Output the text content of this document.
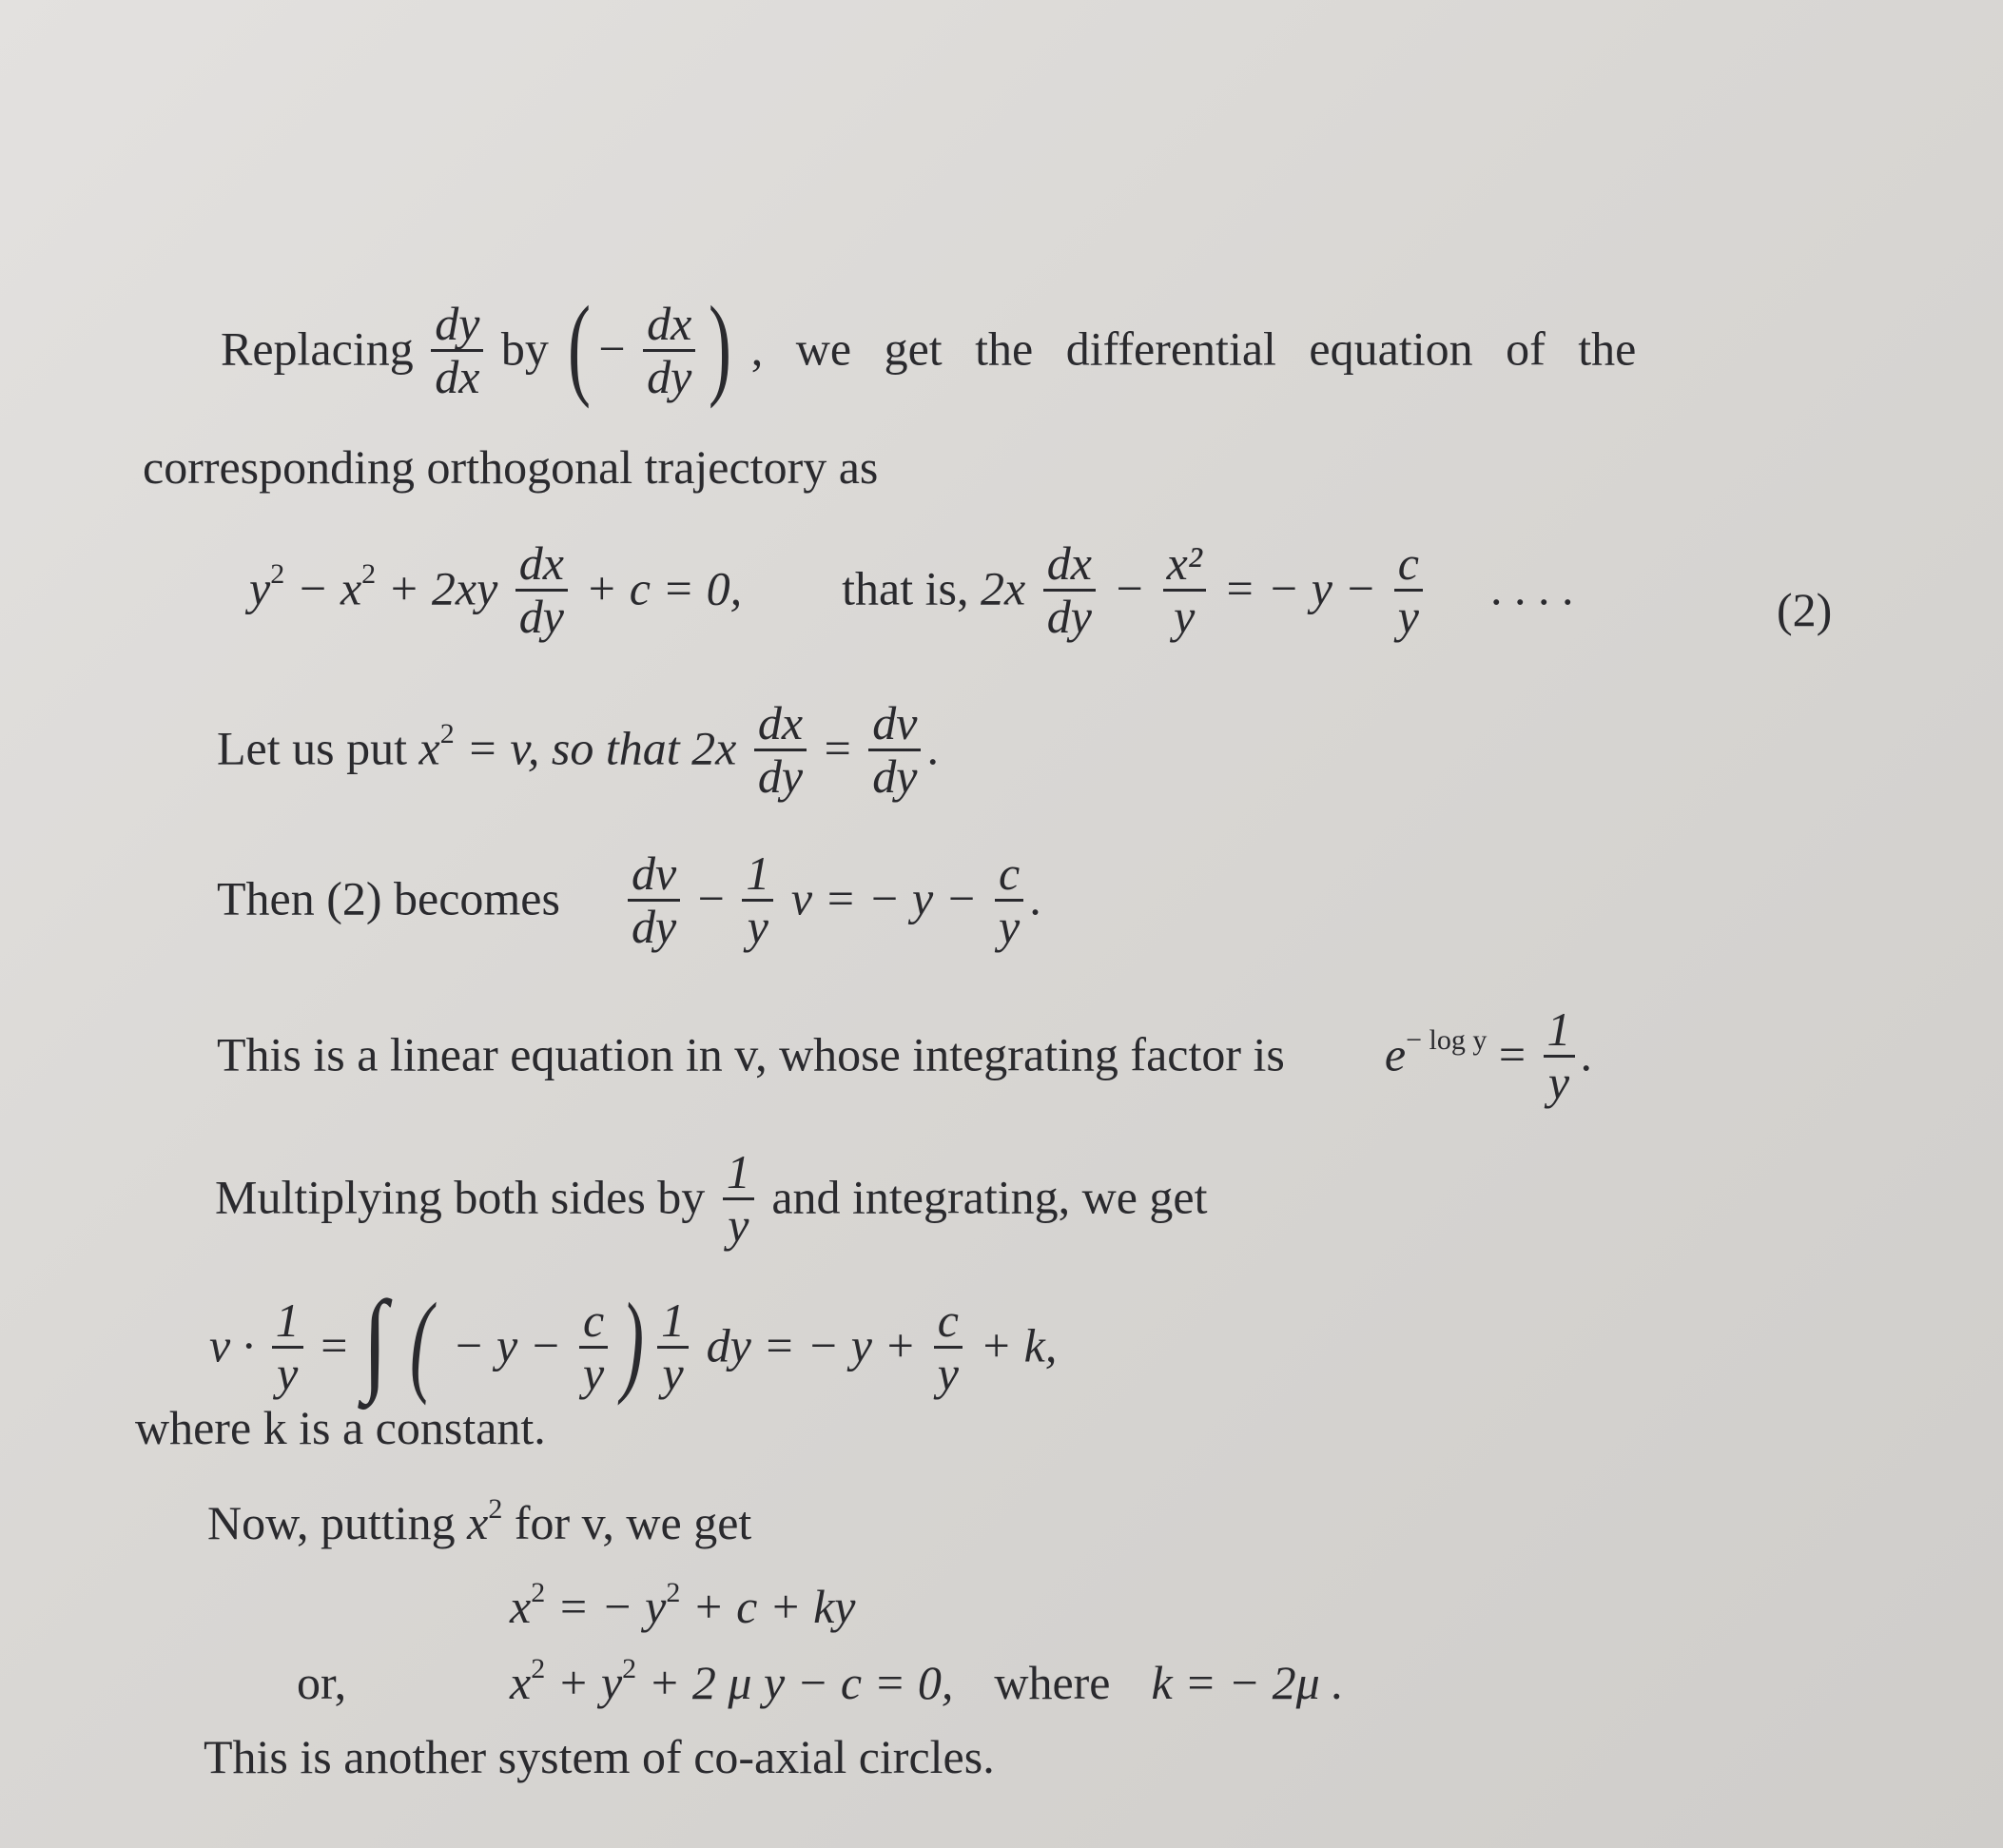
Replacing $\frac{dy}{dx}$ by ( − $\frac{dx}{dy}$ ) , we get the differential equation of the
corresponding orthogonal trajectory as
$y^2 - x^2 + 2xy \frac{dx}{dy} + c = 0$, that is, $2x \frac{dx}{dy} - \frac{\text{x²}}{y}$ = − $y - \frac{c}{y}$ . . . .	(2)
Let us put $x^2 = v$, so that $2x \frac{dx}{dy} = \frac{dv}{dy}$ .
Then (2) becomes $\frac{dv}{dy} - \frac{1}{y}$ v = − $y - \frac{c}{y}$ .
This is a linear equation in v, whose integrating factor is $e^{- log y} = \frac{1}{y}$ .
Multiplying both sides by $\frac{1}{y}$ and integrating, we get
$v \cdot \frac{1}{y}$ = ∫ ( − $y - \frac{c}{y}$ ) $\frac{1}{y}$ dy = − $y + \frac{c}{y} + k$,
where k is a constant.
Now, putting $x^2$ for v, we get
$x^2$ = − $y^2 + c$ + ky
or,	$x^2 + y^2 + 2$ μ y − c = 0, where k = − 2μ .
This is another system of co-axial circles.
